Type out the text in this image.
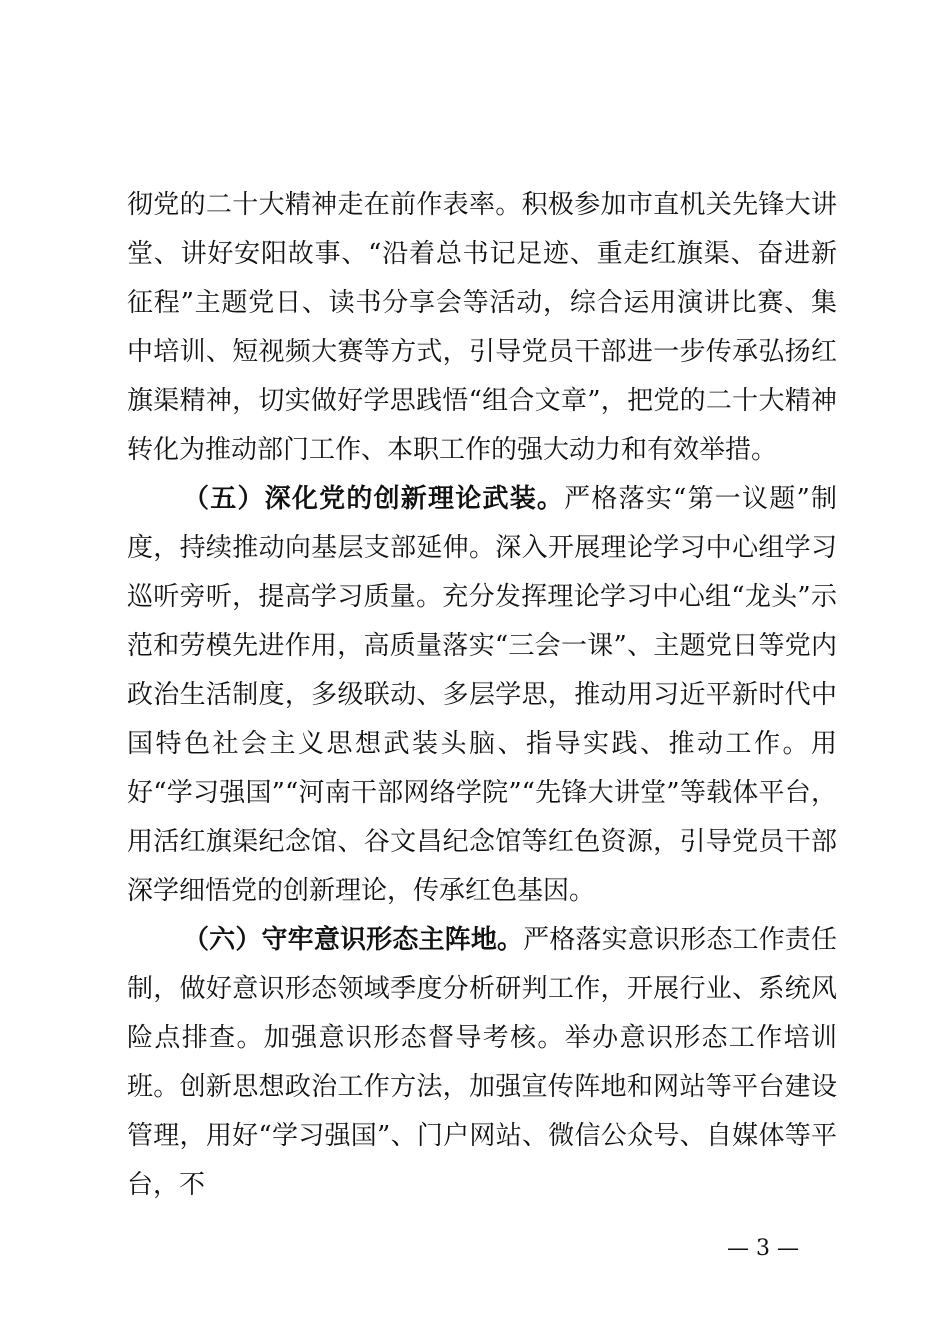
彻党的二十大精神走在前作表率。积极参加市直机关先锋大讲堂、讲好安阳故事、“沿着总书记足迹、重走红旗渠、奋进新征程”主题党日、读书分享会等活动，综合运用演讲比赛、集中培训、短视频大赛等方式，引导党员干部进一步传承弘扬红旗渠精神，切实做好学思践悟“组合文章”，把党的二十大精神转化为推动部门工作、本职工作的强大动力和有效举措。

（五）深化党的创新理论武装。严格落实“第一议题”制度，持续推动向基层支部延伸。深入开展理论学习中心组学习巡听旁听，提高学习质量。充分发挥理论学习中心组“龙头”示范和劳模先进作用，高质量落实“三会一课”、主题党日等党内政治生活制度，多级联动、多层学思，推动用习近平新时代中国特色社会主义思想武装头脑、指导实践、推动工作。用好“学习强国”“河南干部网络学院”“先锋大讲堂”等载体平台，用活红旗渠纪念馆、谷文昌纪念馆等红色资源，引导党员干部深学细悟党的创新理论，传承红色基因。

（六）守牢意识形态主阵地。严格落实意识形态工作责任制，做好意识形态领域季度分析研判工作，开展行业、系统风险点排查。加强意识形态督导考核。举办意识形态工作培训班。创新思想政治工作方法，加强宣传阵地和网站等平台建设管理，用好“学习强国”、门户网站、微信公众号、自媒体等平台，不

— 3 —
